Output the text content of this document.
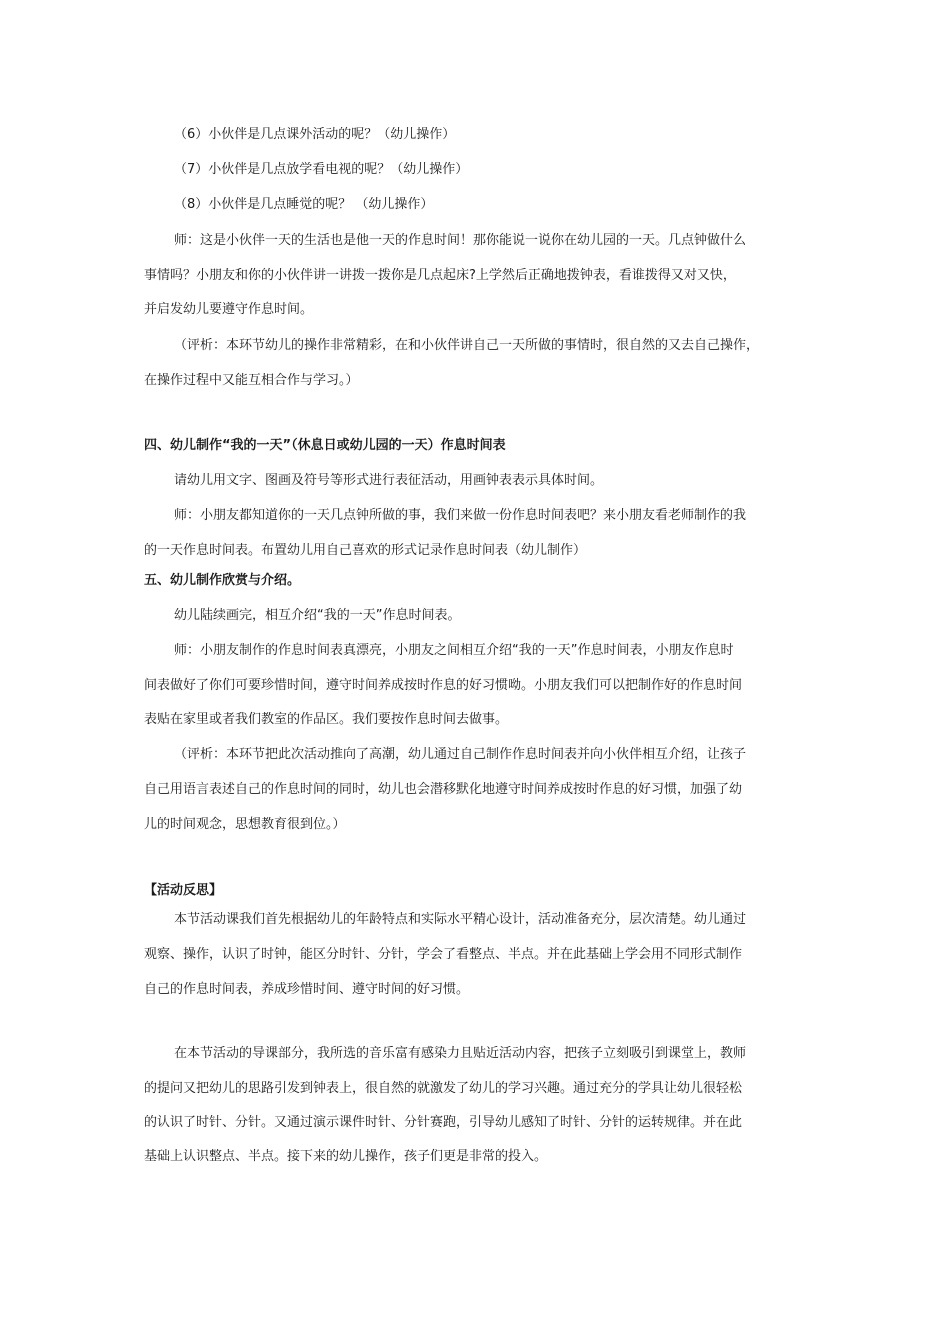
（6）小伙伴是几点课外活动的呢？（幼儿操作）
（7）小伙伴是几点放学看电视的呢？（幼儿操作）
（8）小伙伴是几点睡觉的呢？ （幼儿操作）
师：这是小伙伴一天的生活也是他一天的作息时间！那你能说一说你在幼儿园的一天。几点钟做什么
事情吗？小朋友和你的小伙伴讲一讲拨一拨你是几点起床?上学然后正确地拨钟表，看谁拨得又对又快，
并启发幼儿要遵守作息时间。
（评析：本环节幼儿的操作非常精彩，在和小伙伴讲自己一天所做的事情时，很自然的又去自己操作，
在操作过程中又能互相合作与学习。）
四、幼儿制作“我的一天”（休息日或幼儿园的一天）作息时间表
请幼儿用文字、图画及符号等形式进行表征活动，用画钟表表示具体时间。
师：小朋友都知道你的一天几点钟所做的事，我们来做一份作息时间表吧？来小朋友看老师制作的我
的一天作息时间表。布置幼儿用自己喜欢的形式记录作息时间表（幼儿制作）
五、幼儿制作欣赏与介绍。
幼儿陆续画完，相互介绍“我的一天”作息时间表。
师：小朋友制作的作息时间表真漂亮，小朋友之间相互介绍“我的一天”作息时间表，小朋友作息时
间表做好了你们可要珍惜时间，遵守时间养成按时作息的好习惯呦。小朋友我们可以把制作好的作息时间
表贴在家里或者我们教室的作品区。我们要按作息时间去做事。
（评析：本环节把此次活动推向了高潮，幼儿通过自己制作作息时间表并向小伙伴相互介绍，让孩子
自己用语言表述自己的作息时间的同时，幼儿也会潜移默化地遵守时间养成按时作息的好习惯，加强了幼
儿的时间观念，思想教育很到位。）
【活动反思】
本节活动课我们首先根据幼儿的年龄特点和实际水平精心设计，活动准备充分，层次清楚。幼儿通过
观察、操作，认识了时钟，能区分时针、分针，学会了看整点、半点。并在此基础上学会用不同形式制作
自己的作息时间表，养成珍惜时间、遵守时间的好习惯。
在本节活动的导课部分，我所选的音乐富有感染力且贴近活动内容，把孩子立刻吸引到课堂上，教师
的提问又把幼儿的思路引发到钟表上，很自然的就激发了幼儿的学习兴趣。通过充分的学具让幼儿很轻松
的认识了时针、分针。又通过演示课件时针、分针赛跑，引导幼儿感知了时针、分针的运转规律。并在此
基础上认识整点、半点。接下来的幼儿操作，孩子们更是非常的投入。
